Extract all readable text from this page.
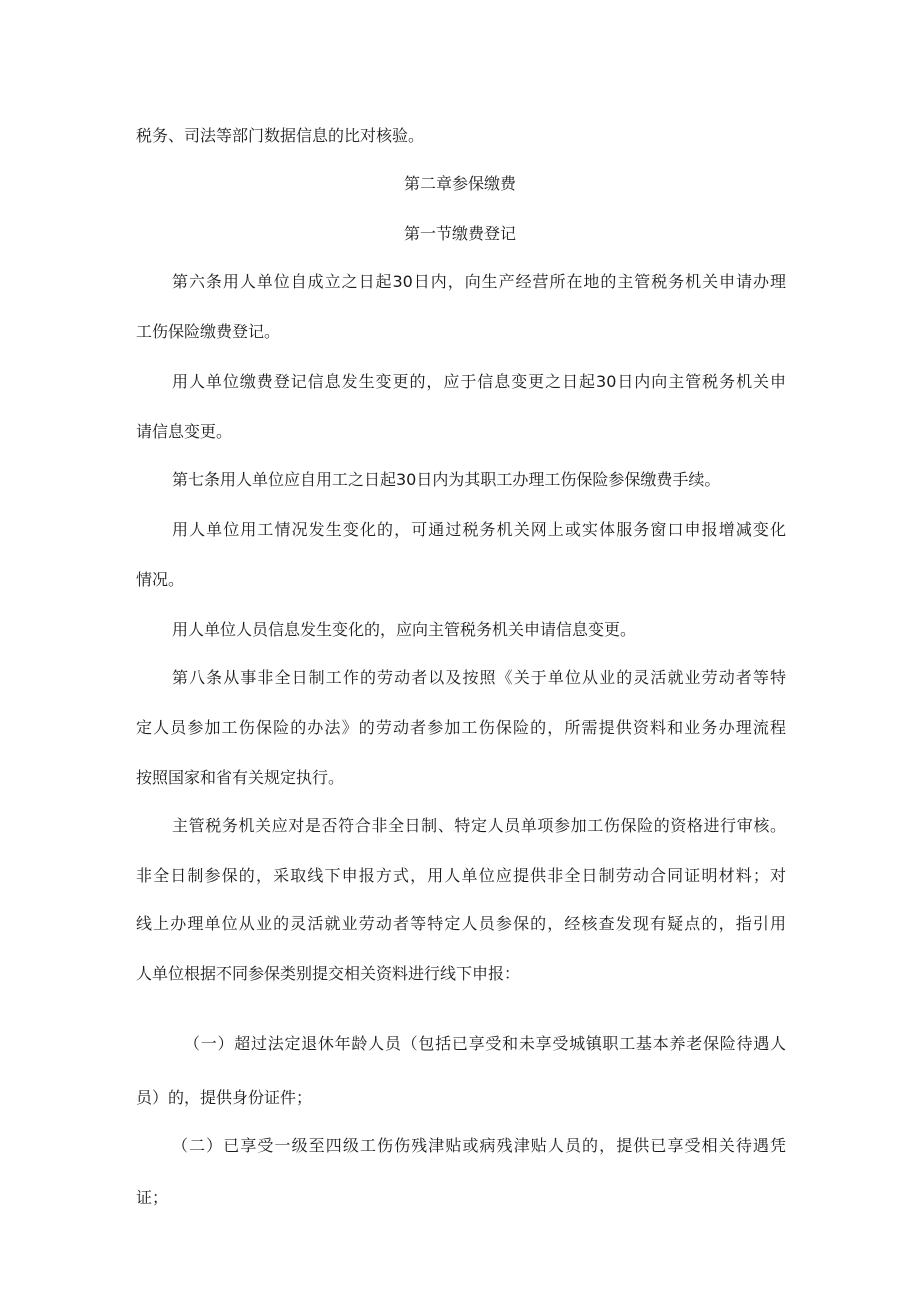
税务、司法等部门数据信息的比对核验。
第二章参保缴费
第一节缴费登记
第六条用人单位自成立之日起30日内，向生产经营所在地的主管税务机关申请办理
工伤保险缴费登记。
用人单位缴费登记信息发生变更的，应于信息变更之日起30日内向主管税务机关申
请信息变更。
第七条用人单位应自用工之日起30日内为其职工办理工伤保险参保缴费手续。
用人单位用工情况发生变化的，可通过税务机关网上或实体服务窗口申报增减变化
情况。
用人单位人员信息发生变化的，应向主管税务机关申请信息变更。
第八条从事非全日制工作的劳动者以及按照《关于单位从业的灵活就业劳动者等特
定人员参加工伤保险的办法》的劳动者参加工伤保险的，所需提供资料和业务办理流程
按照国家和省有关规定执行。
主管税务机关应对是否符合非全日制、特定人员单项参加工伤保险的资格进行审核。
非全日制参保的，采取线下申报方式，用人单位应提供非全日制劳动合同证明材料；对
线上办理单位从业的灵活就业劳动者等特定人员参保的，经核查发现有疑点的，指引用
人单位根据不同参保类别提交相关资料进行线下申报：
（一）超过法定退休年龄人员（包括已享受和未享受城镇职工基本养老保险待遇人
员）的，提供身份证件；
（二）已享受一级至四级工伤伤残津贴或病残津贴人员的，提供已享受相关待遇凭
证；
